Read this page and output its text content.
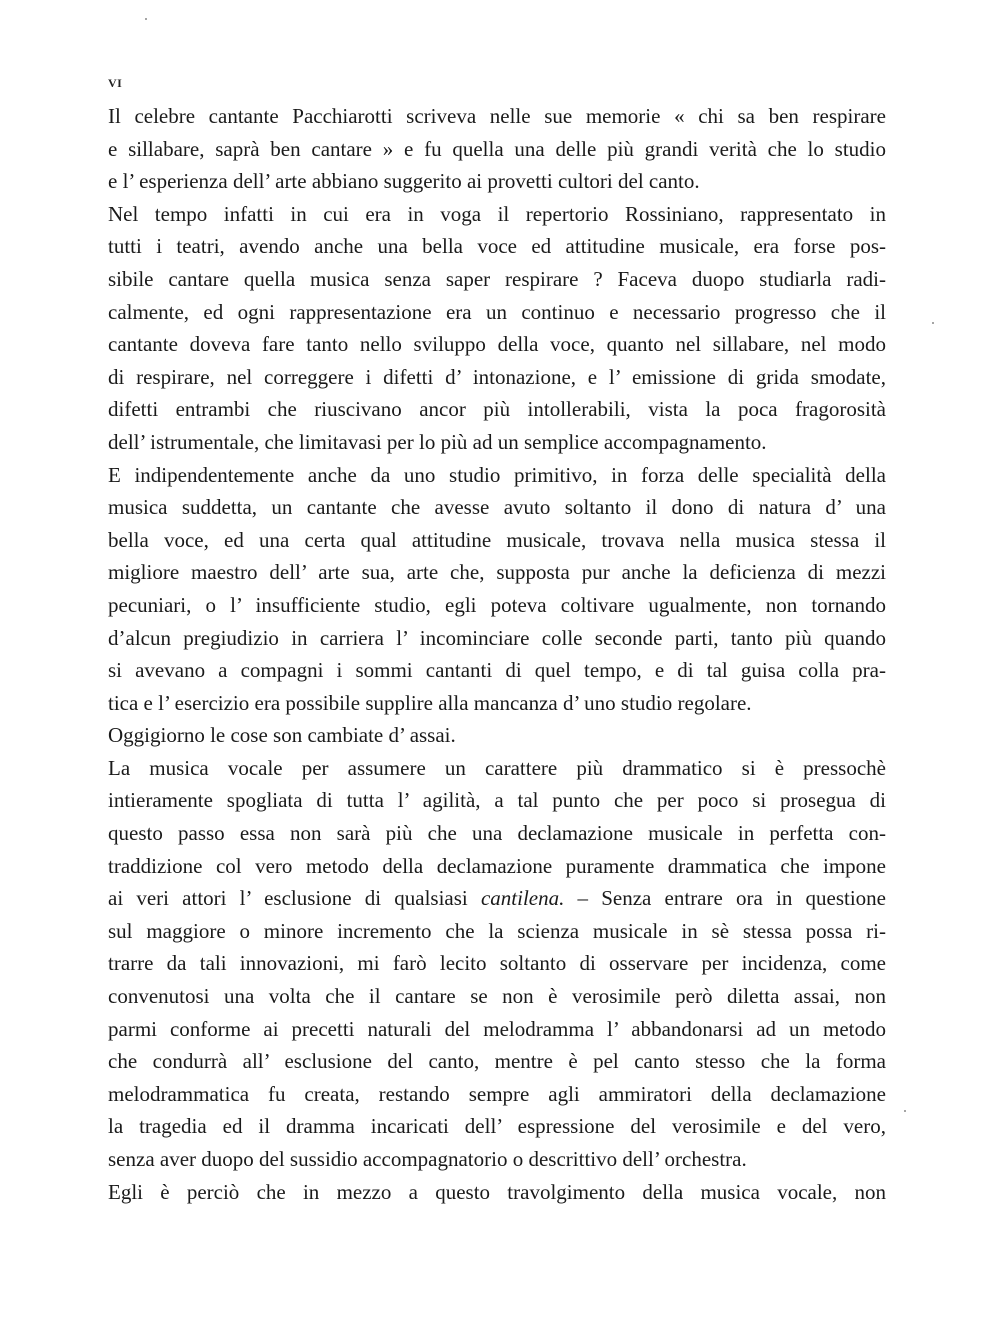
VI
Il celebre cantante Pacchiarotti scriveva nelle sue memorie « chi sa ben respirare
e sillabare, saprà ben cantare » e fu quella una delle più grandi verità che lo studio
e l’ esperienza dell’ arte abbiano suggerito ai provetti cultori del canto.
Nel tempo infatti in cui era in voga il repertorio Rossiniano, rappresentato in
tutti i teatri, avendo anche una bella voce ed attitudine musicale, era forse pos-
sibile cantare quella musica senza saper respirare ? Faceva duopo studiarla radi-
calmente, ed ogni rappresentazione era un continuo e necessario progresso che il
cantante doveva fare tanto nello sviluppo della voce, quanto nel sillabare, nel modo
di respirare, nel correggere i difetti d’ intonazione, e l’ emissione di grida smodate,
difetti entrambi che riuscivano ancor più intollerabili, vista la poca fragorosità
dell’ istrumentale, che limitavasi per lo più ad un semplice accompagnamento.
E indipendentemente anche da uno studio primitivo, in forza delle specialità della
musica suddetta, un cantante che avesse avuto soltanto il dono di natura d’ una
bella voce, ed una certa qual attitudine musicale, trovava nella musica stessa il
migliore maestro dell’ arte sua, arte che, supposta pur anche la deficienza di mezzi
pecuniari, o l’ insufficiente studio, egli poteva coltivare ugualmente, non tornando
d’alcun pregiudizio in carriera l’ incominciare colle seconde parti, tanto più quando
si avevano a compagni i sommi cantanti di quel tempo, e di tal guisa colla pra-
tica e l’ esercizio era possibile supplire alla mancanza d’ uno studio regolare.
Oggigiorno le cose son cambiate d’ assai.
La musica vocale per assumere un carattere più drammatico si è pressochè
intieramente spogliata di tutta l’ agilità, a tal punto che per poco si prosegua di
questo passo essa non sarà più che una declamazione musicale in perfetta con-
traddizione col vero metodo della declamazione puramente drammatica che impone
ai veri attori l’ esclusione di qualsiasi cantilena. – Senza entrare ora in questione
sul maggiore o minore incremento che la scienza musicale in sè stessa possa ri-
trarre da tali innovazioni, mi farò lecito soltanto di osservare per incidenza, come
convenutosi una volta che il cantare se non è verosimile però diletta assai, non
parmi conforme ai precetti naturali del melodramma l’ abbandonarsi ad un metodo
che condurrà all’ esclusione del canto, mentre è pel canto stesso che la forma
melodrammatica fu creata, restando sempre agli ammiratori della declamazione
la tragedia ed il dramma incaricati dell’ espressione del verosimile e del vero,
senza aver duopo del sussidio accompagnatorio o descrittivo dell’ orchestra.
Egli è perciò che in mezzo a questo travolgimento della musica vocale, non
